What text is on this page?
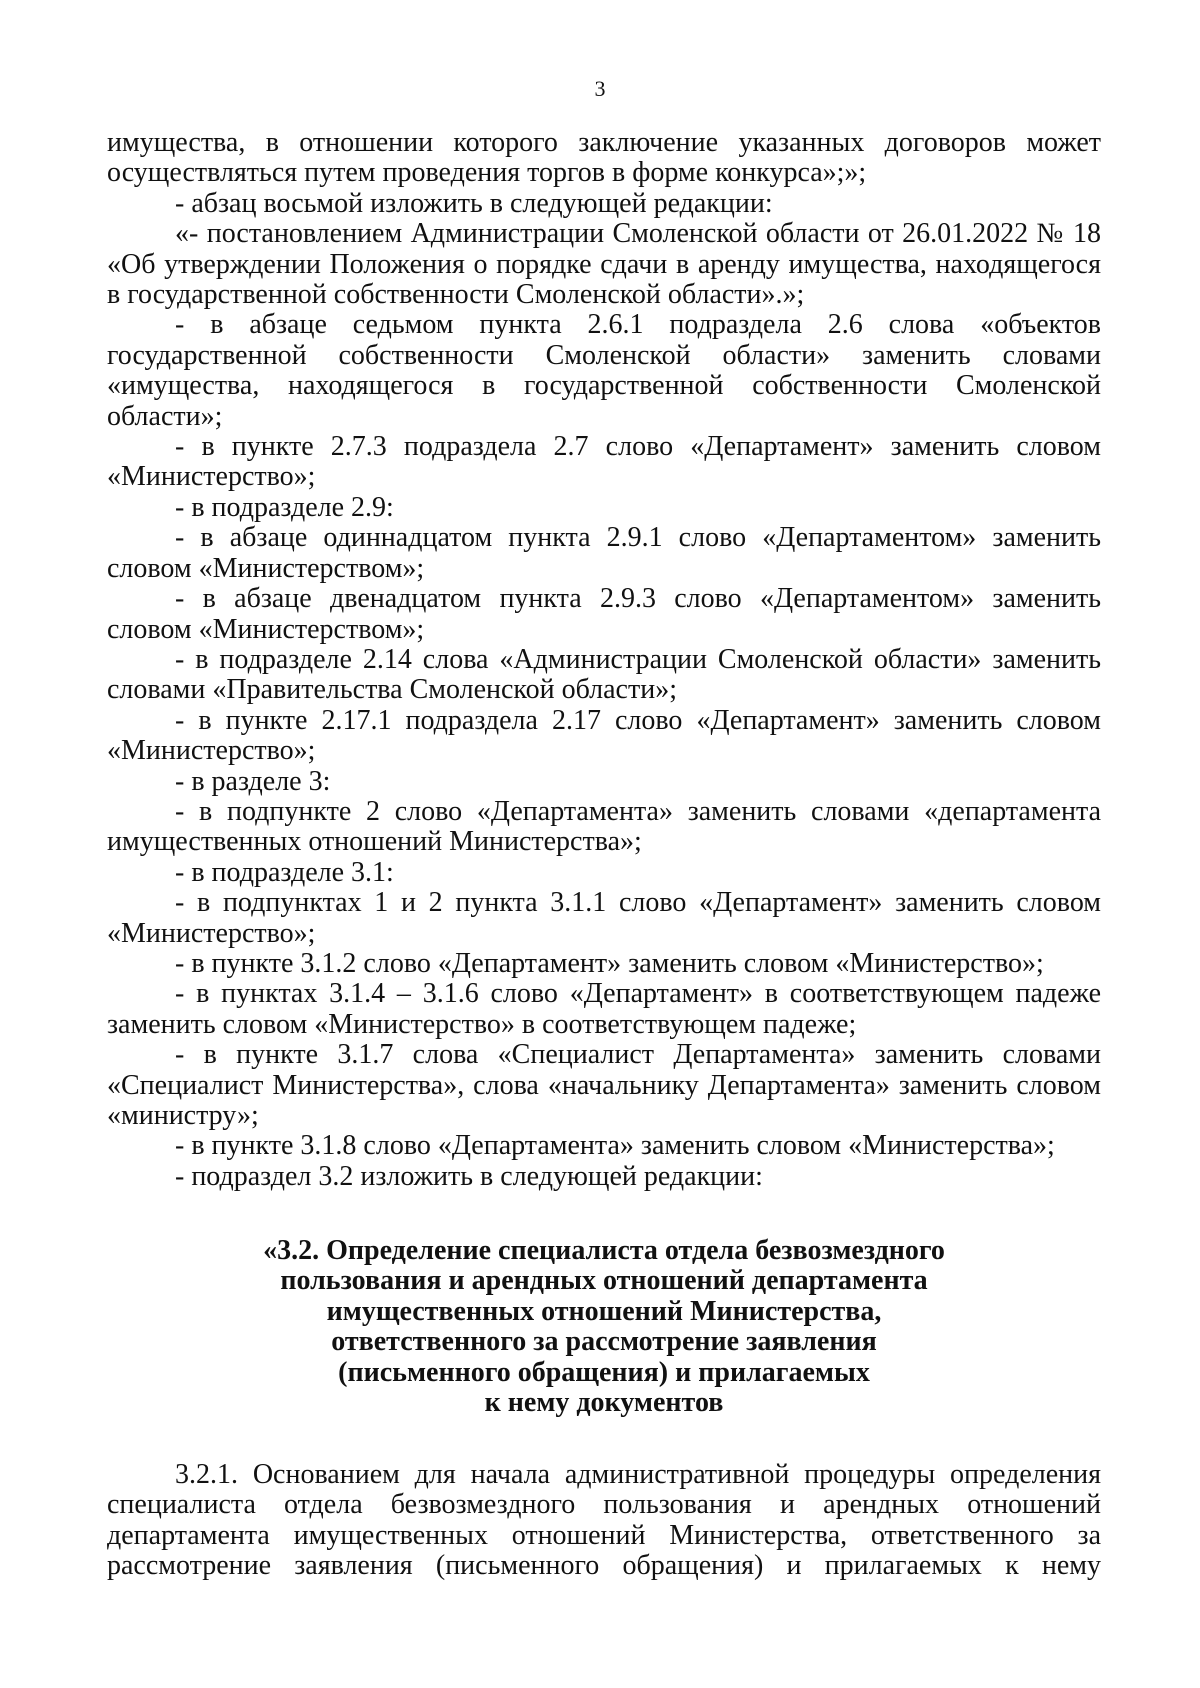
3

имущества, в отношении которого заключение указанных договоров может осуществляться путем проведения торгов в форме конкурса»;»;

- абзац восьмой изложить в следующей редакции:

«- постановлением Администрации Смоленской области от 26.01.2022 № 18 «Об утверждении Положения о порядке сдачи в аренду имущества, находящегося в государственной собственности Смоленской области».»;

- в абзаце седьмом пункта 2.6.1 подраздела 2.6 слова «объектов государственной собственности Смоленской области» заменить словами «имущества, находящегося в государственной собственности Смоленской области»;

- в пункте 2.7.3 подраздела 2.7 слово «Департамент» заменить словом «Министерство»;

- в подразделе 2.9:

- в абзаце одиннадцатом пункта 2.9.1 слово «Департаментом» заменить словом «Министерством»;

- в абзаце двенадцатом пункта 2.9.3 слово «Департаментом» заменить словом «Министерством»;

- в подразделе 2.14 слова «Администрации Смоленской области» заменить словами «Правительства Смоленской области»;

- в пункте 2.17.1 подраздела 2.17 слово «Департамент» заменить словом «Министерство»;

- в разделе 3:

- в подпункте 2 слово «Департамента» заменить словами «департамента имущественных отношений Министерства»;

- в подразделе 3.1:

- в подпунктах 1 и 2 пункта 3.1.1 слово «Департамент» заменить словом «Министерство»;

- в пункте 3.1.2 слово «Департамент» заменить словом «Министерство»;

- в пунктах 3.1.4 – 3.1.6 слово «Департамент» в соответствующем падеже заменить словом «Министерство» в соответствующем падеже;

- в пункте 3.1.7 слова «Специалист Департамента» заменить словами «Специалист Министерства», слова «начальнику Департамента» заменить словом «министру»;

- в пункте 3.1.8 слово «Департамента» заменить словом «Министерства»;

- подраздел 3.2 изложить в следующей редакции:

«3.2. Определение специалиста отдела безвозмездного

пользования и арендных отношений департамента

имущественных отношений Министерства,

ответственного за рассмотрение заявления

(письменного обращения) и прилагаемых

к нему документов

3.2.1. Основанием для начала административной процедуры определения специалиста отдела безвозмездного пользования и арендных отношений департамента имущественных отношений Министерства, ответственного за рассмотрение заявления (письменного обращения) и прилагаемых к нему
